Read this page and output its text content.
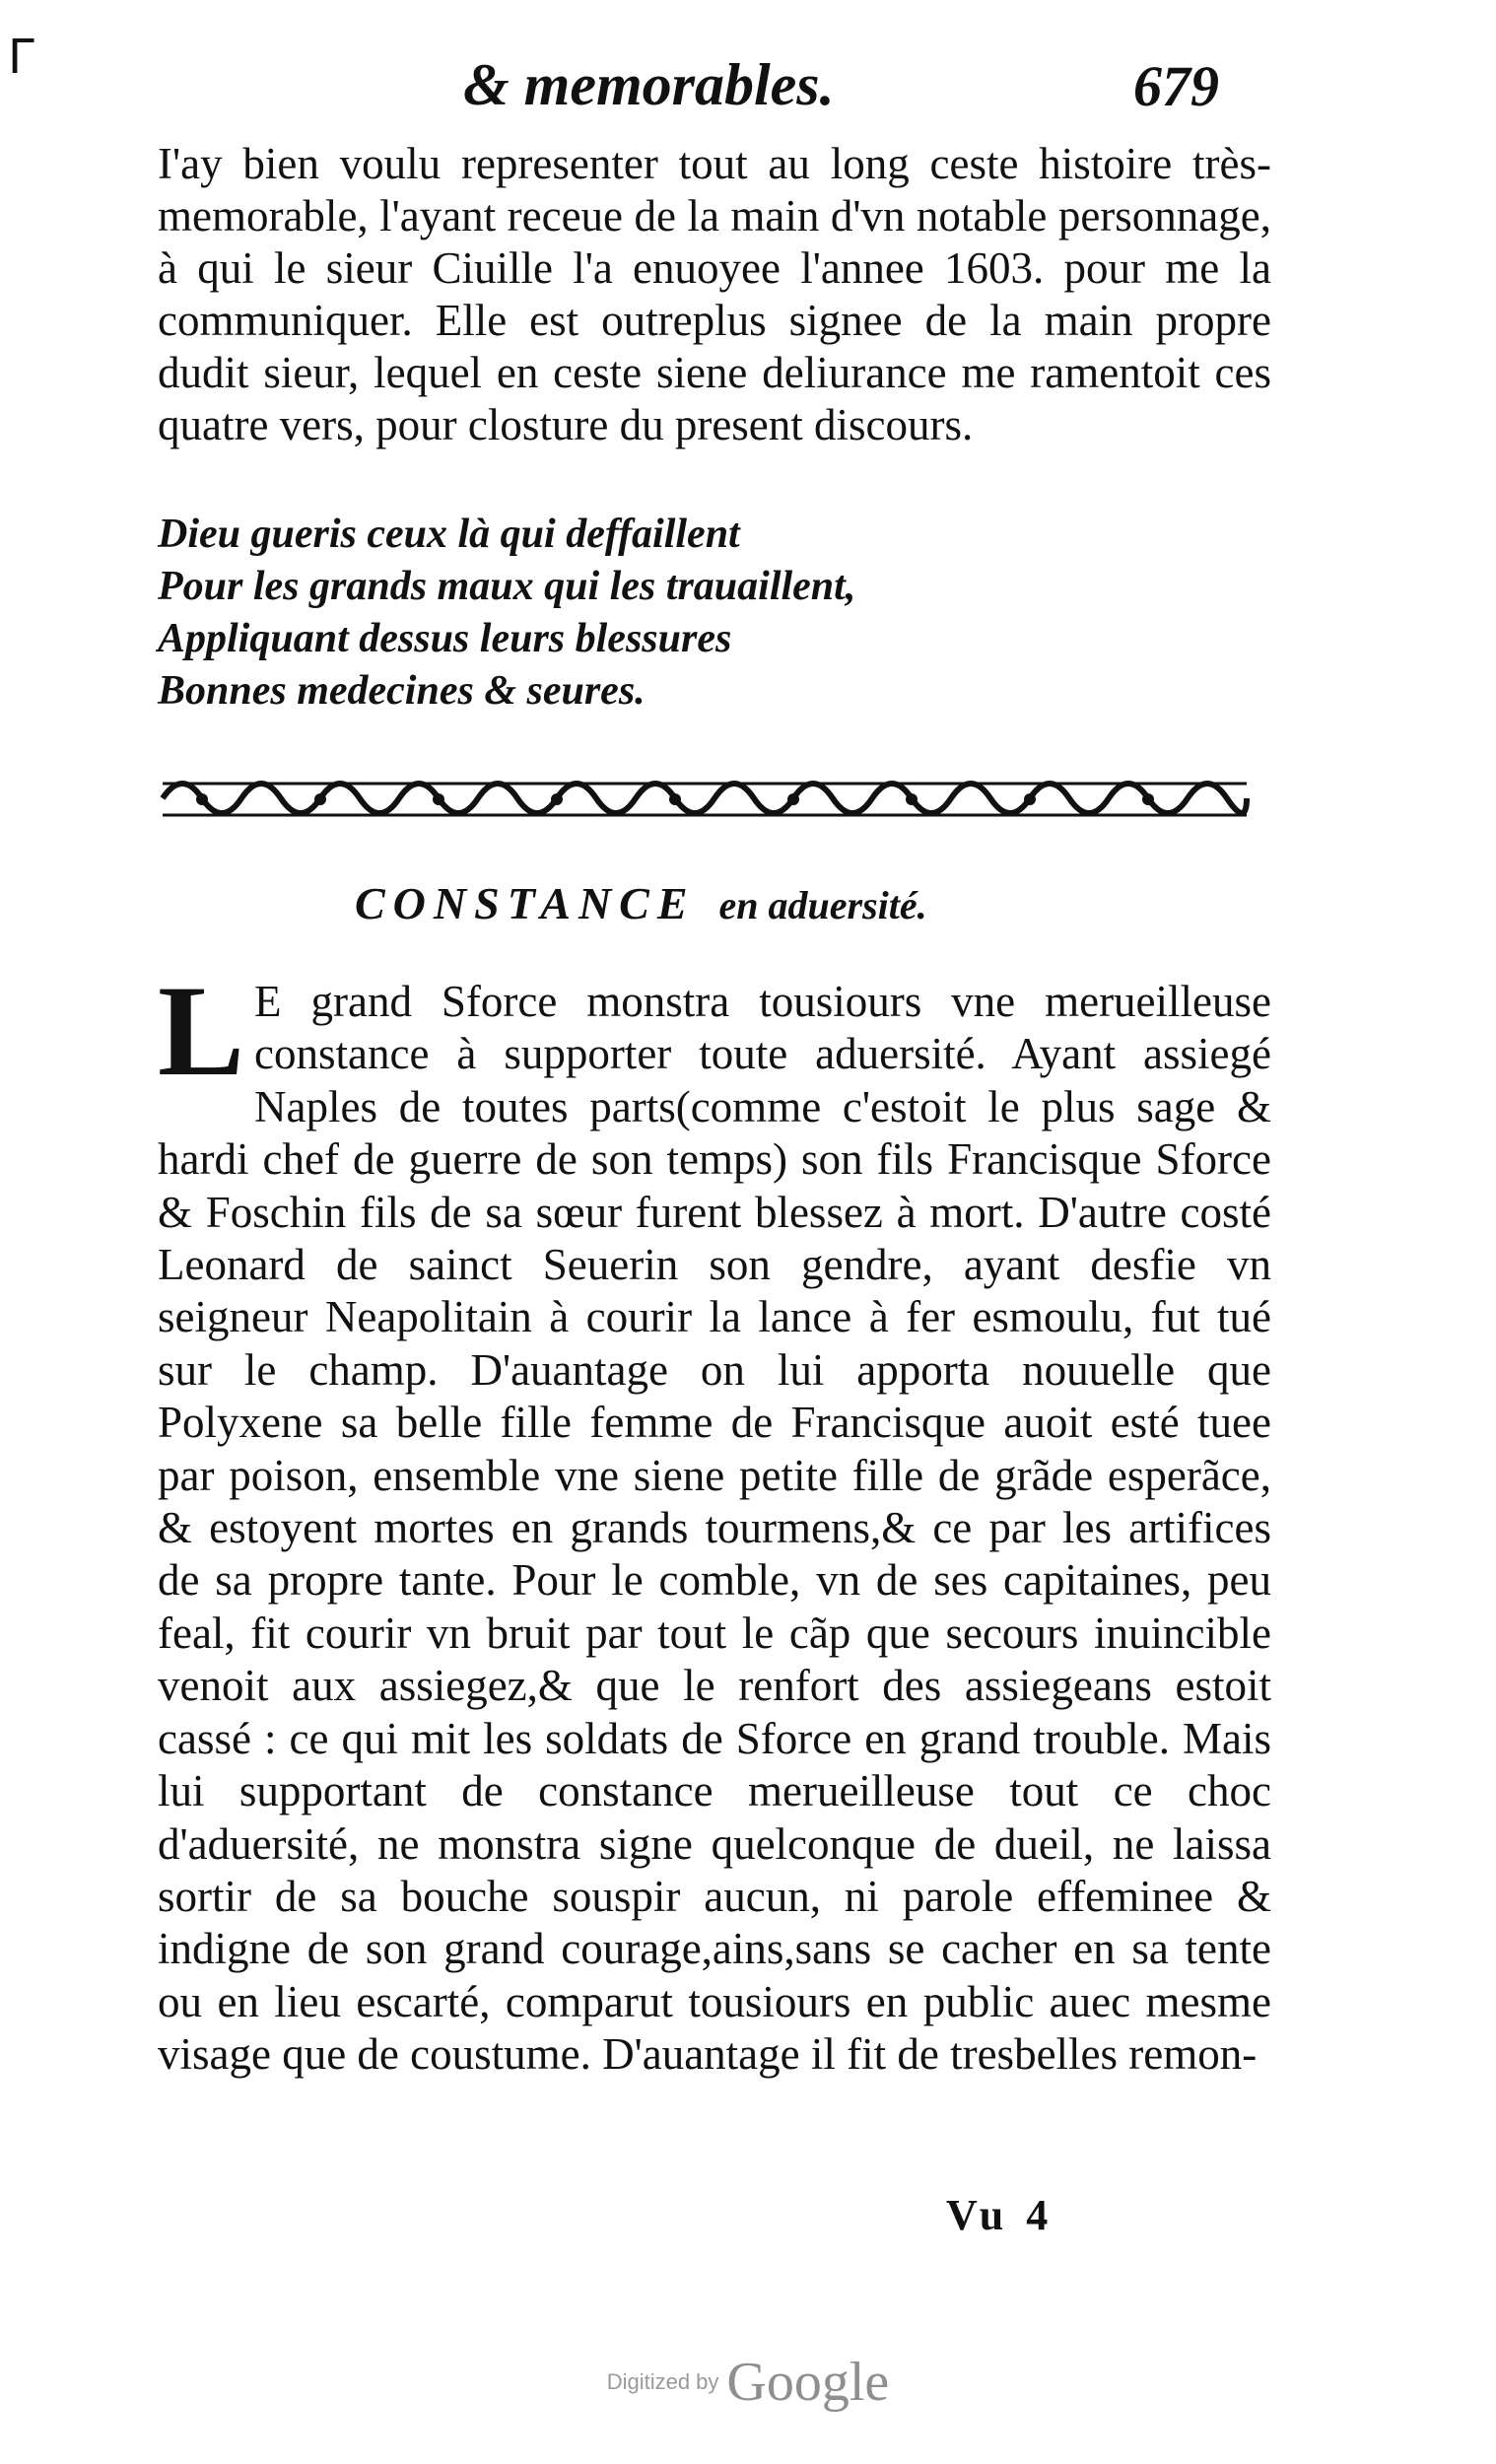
ᒥ	& memorables.	679

I'ay bien voulu representer tout au long ceste histoire très-memorable, l'ayant receue de la main d'vn notable personnage, à qui le sieur Ciuille l'a enuoyee l'annee 1603. pour me la communiquer. Elle est outreplus signee de la main propre dudit sieur, lequel en ceste siene deliurance me ramentoit ces quatre vers, pour closture du present discours.

Dieu gueris ceux là qui deffaillent
Pour les grands maux qui les trauaillent,
Appliquant dessus leurs blessures
Bonnes medecines & seures.
CONSTANCE en aduersité.

L E grand Sforce monstra tousiours vne merueilleuse constance à supporter toute aduersité. Ayant assiegé Naples de toutes parts(comme c'estoit le plus sage & hardi chef de guerre de son temps) son fils Francisque Sforce & Foschin fils de sa sœur furent blessez à mort. D'autre costé Leonard de sainct Seuerin son gendre, ayant desfie vn seigneur Neapolitain à courir la lance à fer esmoulu, fut tué sur le champ. D'auantage on lui apporta nouuelle que Polyxene sa belle fille femme de Francisque auoit esté tuee par poison, ensemble vne siene petite fille de grãde esperãce, & estoyent mortes en grands tourmens,& ce par les artifices de sa propre tante. Pour le comble, vn de ses capitaines, peu feal, fit courir vn bruit par tout le cãp que secours inuincible venoit aux assiegez,& que le renfort des assiegeans estoit cassé : ce qui mit les soldats de Sforce en grand trouble. Mais lui supportant de constance merueilleuse tout ce choc d'aduersité, ne monstra signe quelconque de dueil, ne laissa sortir de sa bouche souspir aucun, ni parole effeminee & indigne de son grand courage,ains,sans se cacher en sa tente ou en lieu escarté, comparut tousiours en public auec mesme visage que de coustume. D'auantage il fit de tresbelles remon-

Vu 4
Digitized by Google
